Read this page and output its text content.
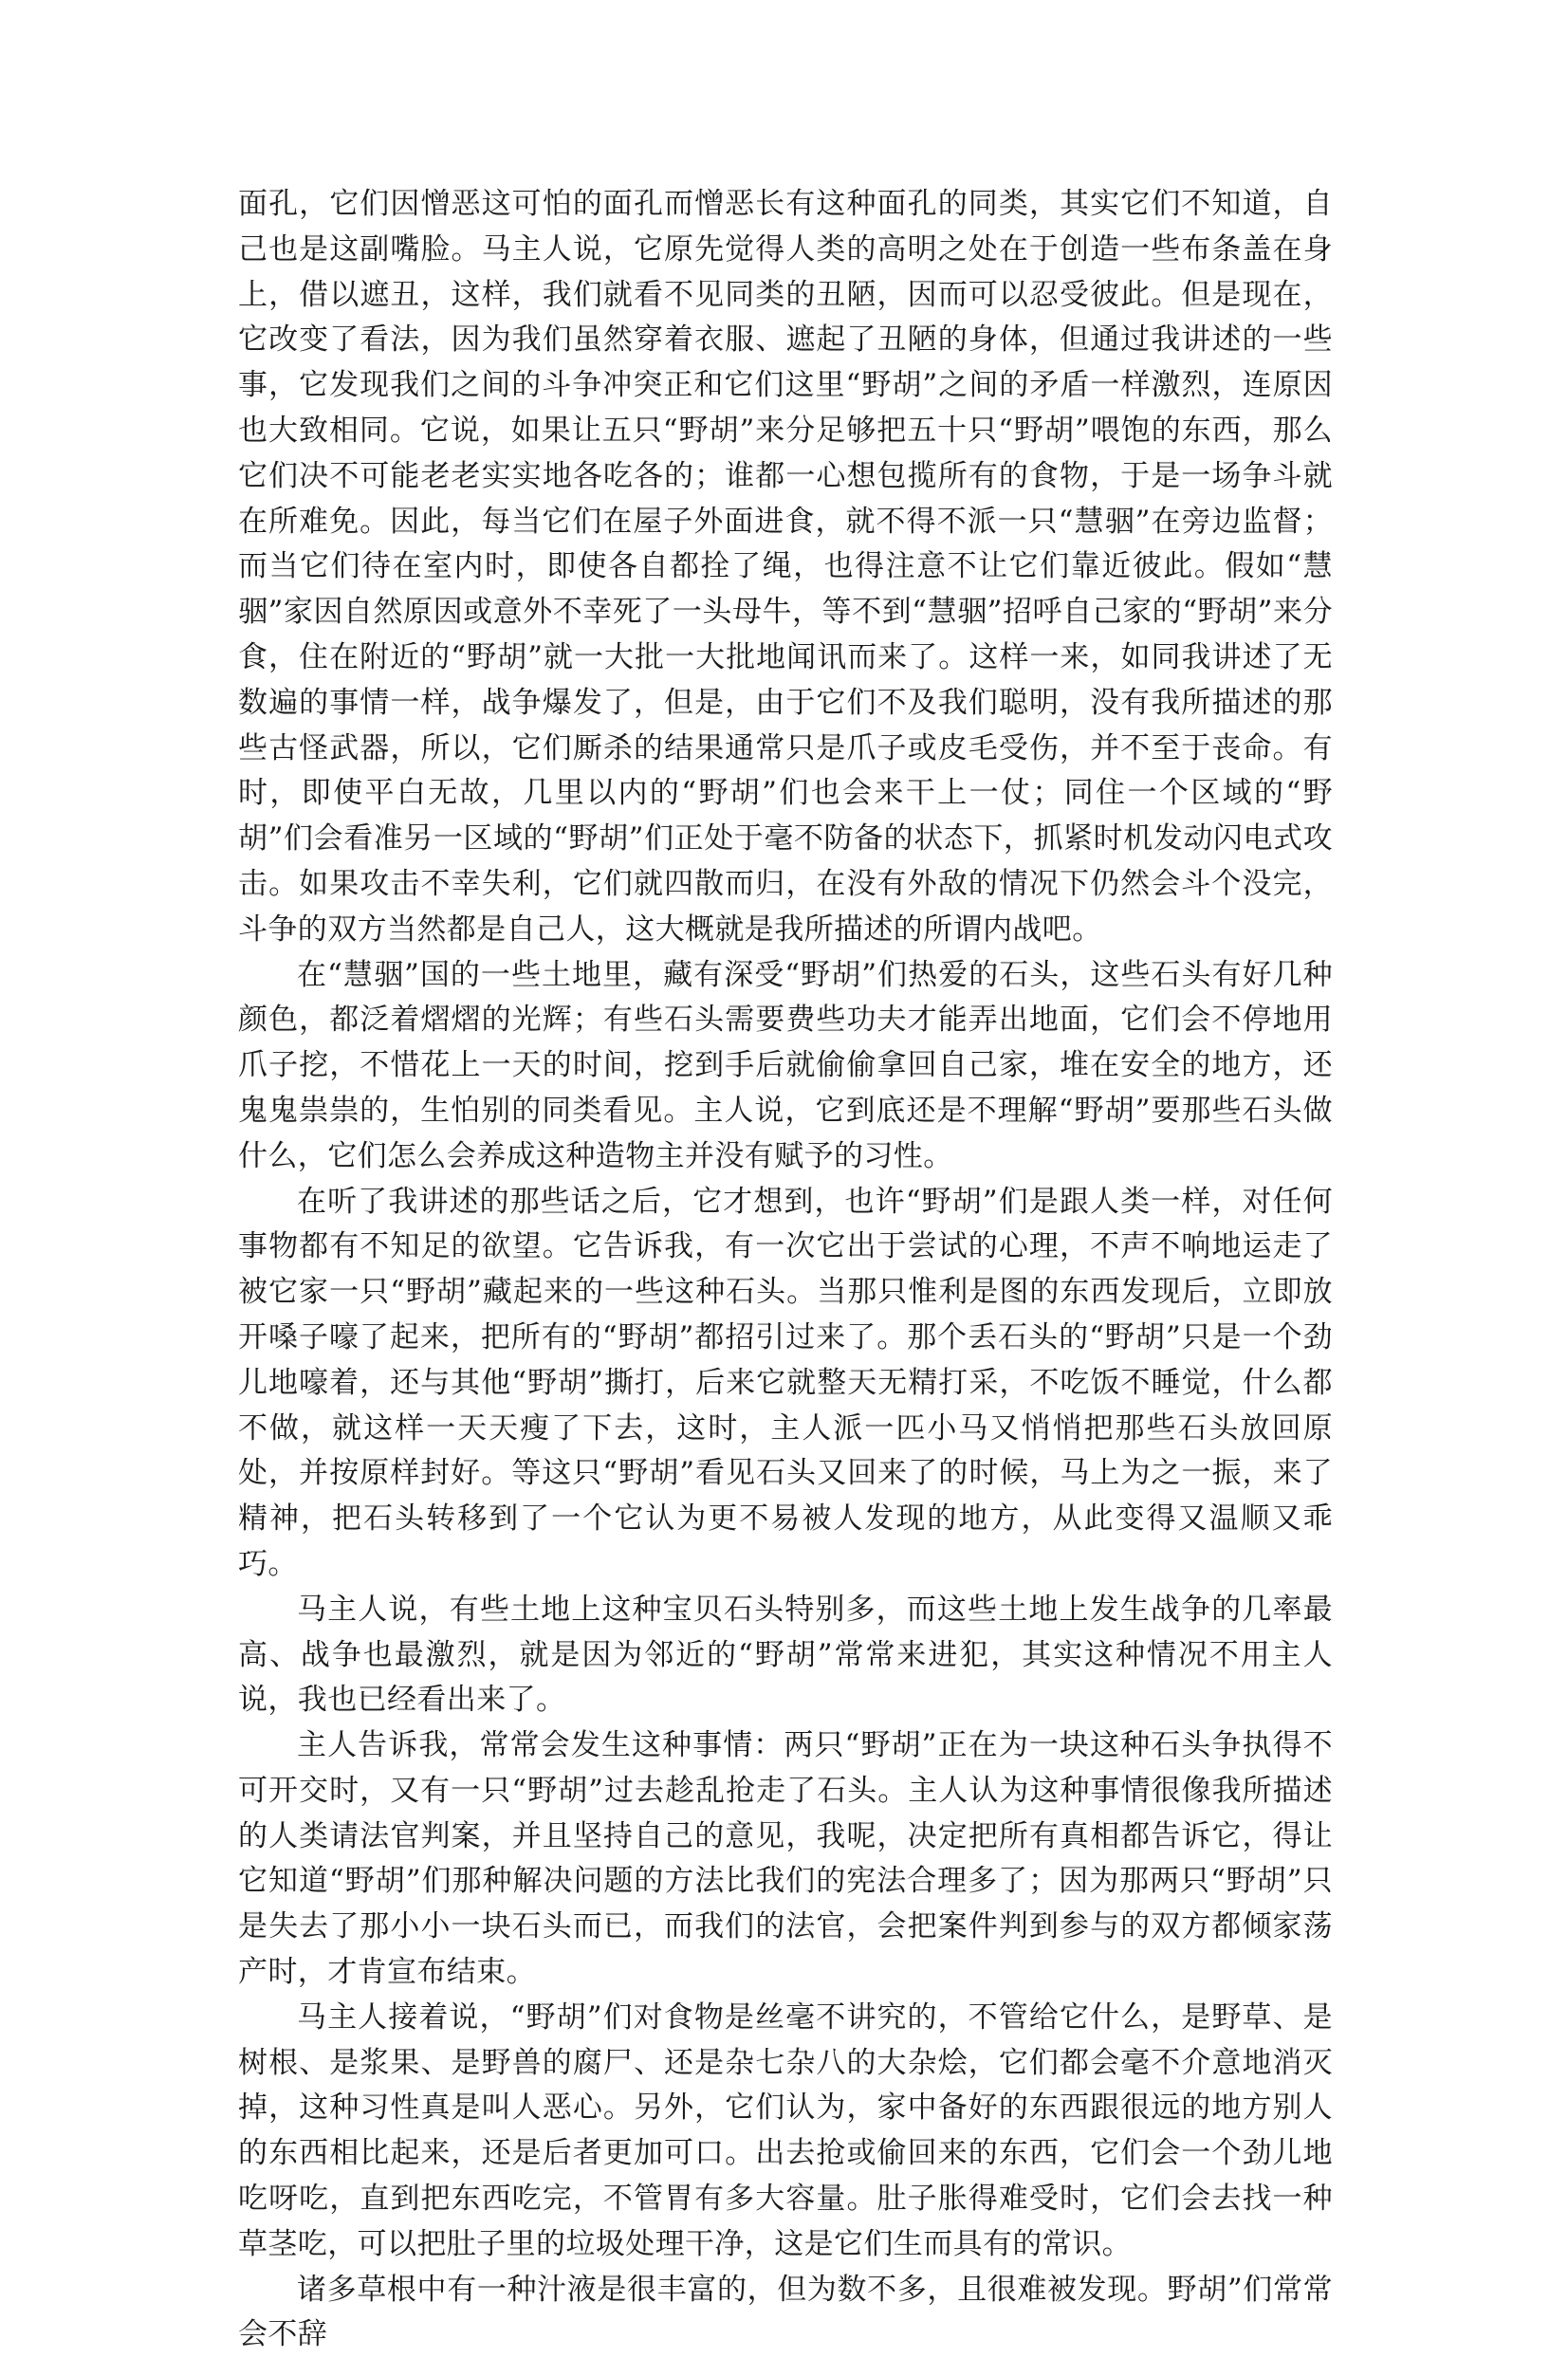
面孔，它们因憎恶这可怕的面孔而憎恶长有这种面孔的同类，其实它们不知道，自己也是这副嘴脸。马主人说，它原先觉得人类的高明之处在于创造一些布条盖在身上，借以遮丑，这样，我们就看不见同类的丑陋，因而可以忍受彼此。但是现在，它改变了看法，因为我们虽然穿着衣服、遮起了丑陋的身体，但通过我讲述的一些事，它发现我们之间的斗争冲突正和它们这里“野胡”之间的矛盾一样激烈，连原因也大致相同。它说，如果让五只“野胡”来分足够把五十只“野胡”喂饱的东西，那么它们决不可能老老实实地各吃各的；谁都一心想包揽所有的食物，于是一场争斗就在所难免。因此，每当它们在屋子外面进食，就不得不派一只“慧骃”在旁边监督；而当它们待在室内时，即使各自都拴了绳，也得注意不让它们靠近彼此。假如“慧骃”家因自然原因或意外不幸死了一头母牛，等不到“慧骃”招呼自己家的“野胡”来分食，住在附近的“野胡”就一大批一大批地闻讯而来了。这样一来，如同我讲述了无数遍的事情一样，战争爆发了，但是，由于它们不及我们聪明，没有我所描述的那些古怪武器，所以，它们厮杀的结果通常只是爪子或皮毛受伤，并不至于丧命。有时，即使平白无故，几里以内的“野胡”们也会来干上一仗；同住一个区域的“野胡”们会看准另一区域的“野胡”们正处于毫不防备的状态下，抓紧时机发动闪电式攻击。如果攻击不幸失利，它们就四散而归，在没有外敌的情况下仍然会斗个没完，斗争的双方当然都是自己人，这大概就是我所描述的所谓内战吧。

在“慧骃”国的一些土地里，藏有深受“野胡”们热爱的石头，这些石头有好几种颜色，都泛着熠熠的光辉；有些石头需要费些功夫才能弄出地面，它们会不停地用爪子挖，不惜花上一天的时间，挖到手后就偷偷拿回自己家，堆在安全的地方，还鬼鬼祟祟的，生怕别的同类看见。主人说，它到底还是不理解“野胡”要那些石头做什么，它们怎么会养成这种造物主并没有赋予的习性。

在听了我讲述的那些话之后，它才想到，也许“野胡”们是跟人类一样，对任何事物都有不知足的欲望。它告诉我，有一次它出于尝试的心理，不声不响地运走了被它家一只“野胡”藏起来的一些这种石头。当那只惟利是图的东西发现后，立即放开嗓子嚎了起来，把所有的“野胡”都招引过来了。那个丢石头的“野胡”只是一个劲儿地嚎着，还与其他“野胡”撕打，后来它就整天无精打采，不吃饭不睡觉，什么都不做，就这样一天天瘦了下去，这时，主人派一匹小马又悄悄把那些石头放回原处，并按原样封好。等这只“野胡”看见石头又回来了的时候，马上为之一振，来了精神，把石头转移到了一个它认为更不易被人发现的地方，从此变得又温顺又乖巧。

马主人说，有些土地上这种宝贝石头特别多，而这些土地上发生战争的几率最高、战争也最激烈，就是因为邻近的“野胡”常常来进犯，其实这种情况不用主人说，我也已经看出来了。

主人告诉我，常常会发生这种事情：两只“野胡”正在为一块这种石头争执得不可开交时，又有一只“野胡”过去趁乱抢走了石头。主人认为这种事情很像我所描述的人类请法官判案，并且坚持自己的意见，我呢，决定把所有真相都告诉它，得让它知道“野胡”们那种解决问题的方法比我们的宪法合理多了；因为那两只“野胡”只是失去了那小小一块石头而已，而我们的法官，会把案件判到参与的双方都倾家荡产时，才肯宣布结束。

马主人接着说，“野胡”们对食物是丝毫不讲究的，不管给它什么，是野草、是树根、是浆果、是野兽的腐尸、还是杂七杂八的大杂烩，它们都会毫不介意地消灭掉，这种习性真是叫人恶心。另外，它们认为，家中备好的东西跟很远的地方别人的东西相比起来，还是后者更加可口。出去抢或偷回来的东西，它们会一个劲儿地吃呀吃，直到把东西吃完，不管胃有多大容量。肚子胀得难受时，它们会去找一种草茎吃，可以把肚子里的垃圾处理干净，这是它们生而具有的常识。

诸多草根中有一种汁液是很丰富的，但为数不多，且很难被发现。野胡”们常常会不辞
